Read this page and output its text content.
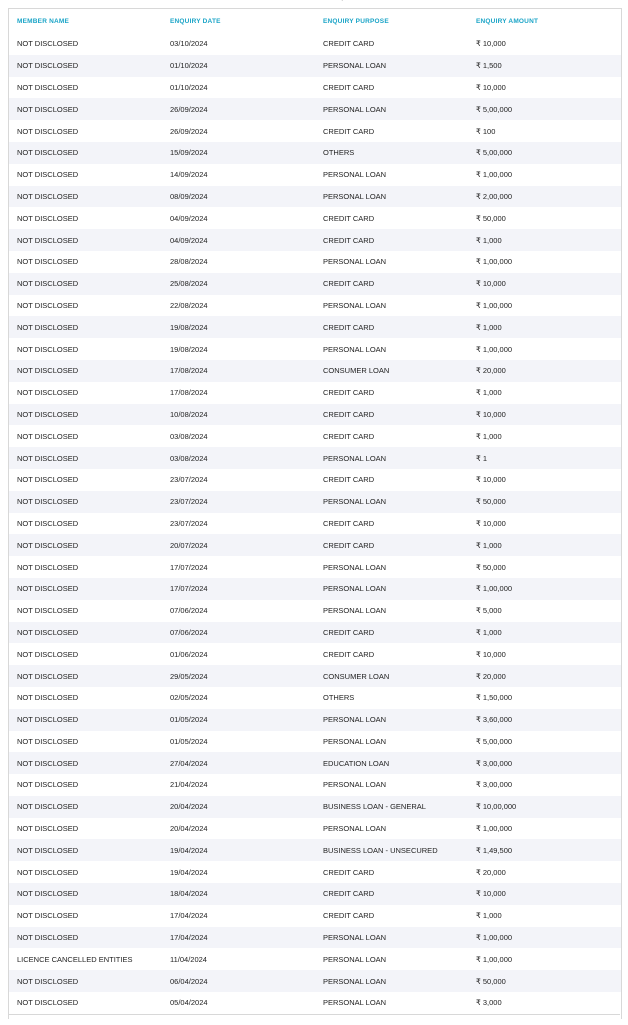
MEMBER NAME	ENQUIRY DATE	ENQUIRY PURPOSE	ENQUIRY AMOUNT
NOT DISCLOSED	03/10/2024	CREDIT CARD	₹ 10,000
NOT DISCLOSED	01/10/2024	PERSONAL LOAN	₹ 1,500
NOT DISCLOSED	01/10/2024	CREDIT CARD	₹ 10,000
NOT DISCLOSED	26/09/2024	PERSONAL LOAN	₹ 5,00,000
NOT DISCLOSED	26/09/2024	CREDIT CARD	₹ 100
NOT DISCLOSED	15/09/2024	OTHERS	₹ 5,00,000
NOT DISCLOSED	14/09/2024	PERSONAL LOAN	₹ 1,00,000
NOT DISCLOSED	08/09/2024	PERSONAL LOAN	₹ 2,00,000
NOT DISCLOSED	04/09/2024	CREDIT CARD	₹ 50,000
NOT DISCLOSED	04/09/2024	CREDIT CARD	₹ 1,000
NOT DISCLOSED	28/08/2024	PERSONAL LOAN	₹ 1,00,000
NOT DISCLOSED	25/08/2024	CREDIT CARD	₹ 10,000
NOT DISCLOSED	22/08/2024	PERSONAL LOAN	₹ 1,00,000
NOT DISCLOSED	19/08/2024	CREDIT CARD	₹ 1,000
NOT DISCLOSED	19/08/2024	PERSONAL LOAN	₹ 1,00,000
NOT DISCLOSED	17/08/2024	CONSUMER LOAN	₹ 20,000
NOT DISCLOSED	17/08/2024	CREDIT CARD	₹ 1,000
NOT DISCLOSED	10/08/2024	CREDIT CARD	₹ 10,000
NOT DISCLOSED	03/08/2024	CREDIT CARD	₹ 1,000
NOT DISCLOSED	03/08/2024	PERSONAL LOAN	₹ 1
NOT DISCLOSED	23/07/2024	CREDIT CARD	₹ 10,000
NOT DISCLOSED	23/07/2024	PERSONAL LOAN	₹ 50,000
NOT DISCLOSED	23/07/2024	CREDIT CARD	₹ 10,000
NOT DISCLOSED	20/07/2024	CREDIT CARD	₹ 1,000
NOT DISCLOSED	17/07/2024	PERSONAL LOAN	₹ 50,000
NOT DISCLOSED	17/07/2024	PERSONAL LOAN	₹ 1,00,000
NOT DISCLOSED	07/06/2024	PERSONAL LOAN	₹ 5,000
NOT DISCLOSED	07/06/2024	CREDIT CARD	₹ 1,000
NOT DISCLOSED	01/06/2024	CREDIT CARD	₹ 10,000
NOT DISCLOSED	29/05/2024	CONSUMER LOAN	₹ 20,000
NOT DISCLOSED	02/05/2024	OTHERS	₹ 1,50,000
NOT DISCLOSED	01/05/2024	PERSONAL LOAN	₹ 3,60,000
NOT DISCLOSED	01/05/2024	PERSONAL LOAN	₹ 5,00,000
NOT DISCLOSED	27/04/2024	EDUCATION LOAN	₹ 3,00,000
NOT DISCLOSED	21/04/2024	PERSONAL LOAN	₹ 3,00,000
NOT DISCLOSED	20/04/2024	BUSINESS LOAN - GENERAL	₹ 10,00,000
NOT DISCLOSED	20/04/2024	PERSONAL LOAN	₹ 1,00,000
NOT DISCLOSED	19/04/2024	BUSINESS LOAN - UNSECURED	₹ 1,49,500
NOT DISCLOSED	19/04/2024	CREDIT CARD	₹ 20,000
NOT DISCLOSED	18/04/2024	CREDIT CARD	₹ 10,000
NOT DISCLOSED	17/04/2024	CREDIT CARD	₹ 1,000
NOT DISCLOSED	17/04/2024	PERSONAL LOAN	₹ 1,00,000
LICENCE CANCELLED ENTITIES	11/04/2024	PERSONAL LOAN	₹ 1,00,000
NOT DISCLOSED	06/04/2024	PERSONAL LOAN	₹ 50,000
NOT DISCLOSED	05/04/2024	PERSONAL LOAN	₹ 3,000
